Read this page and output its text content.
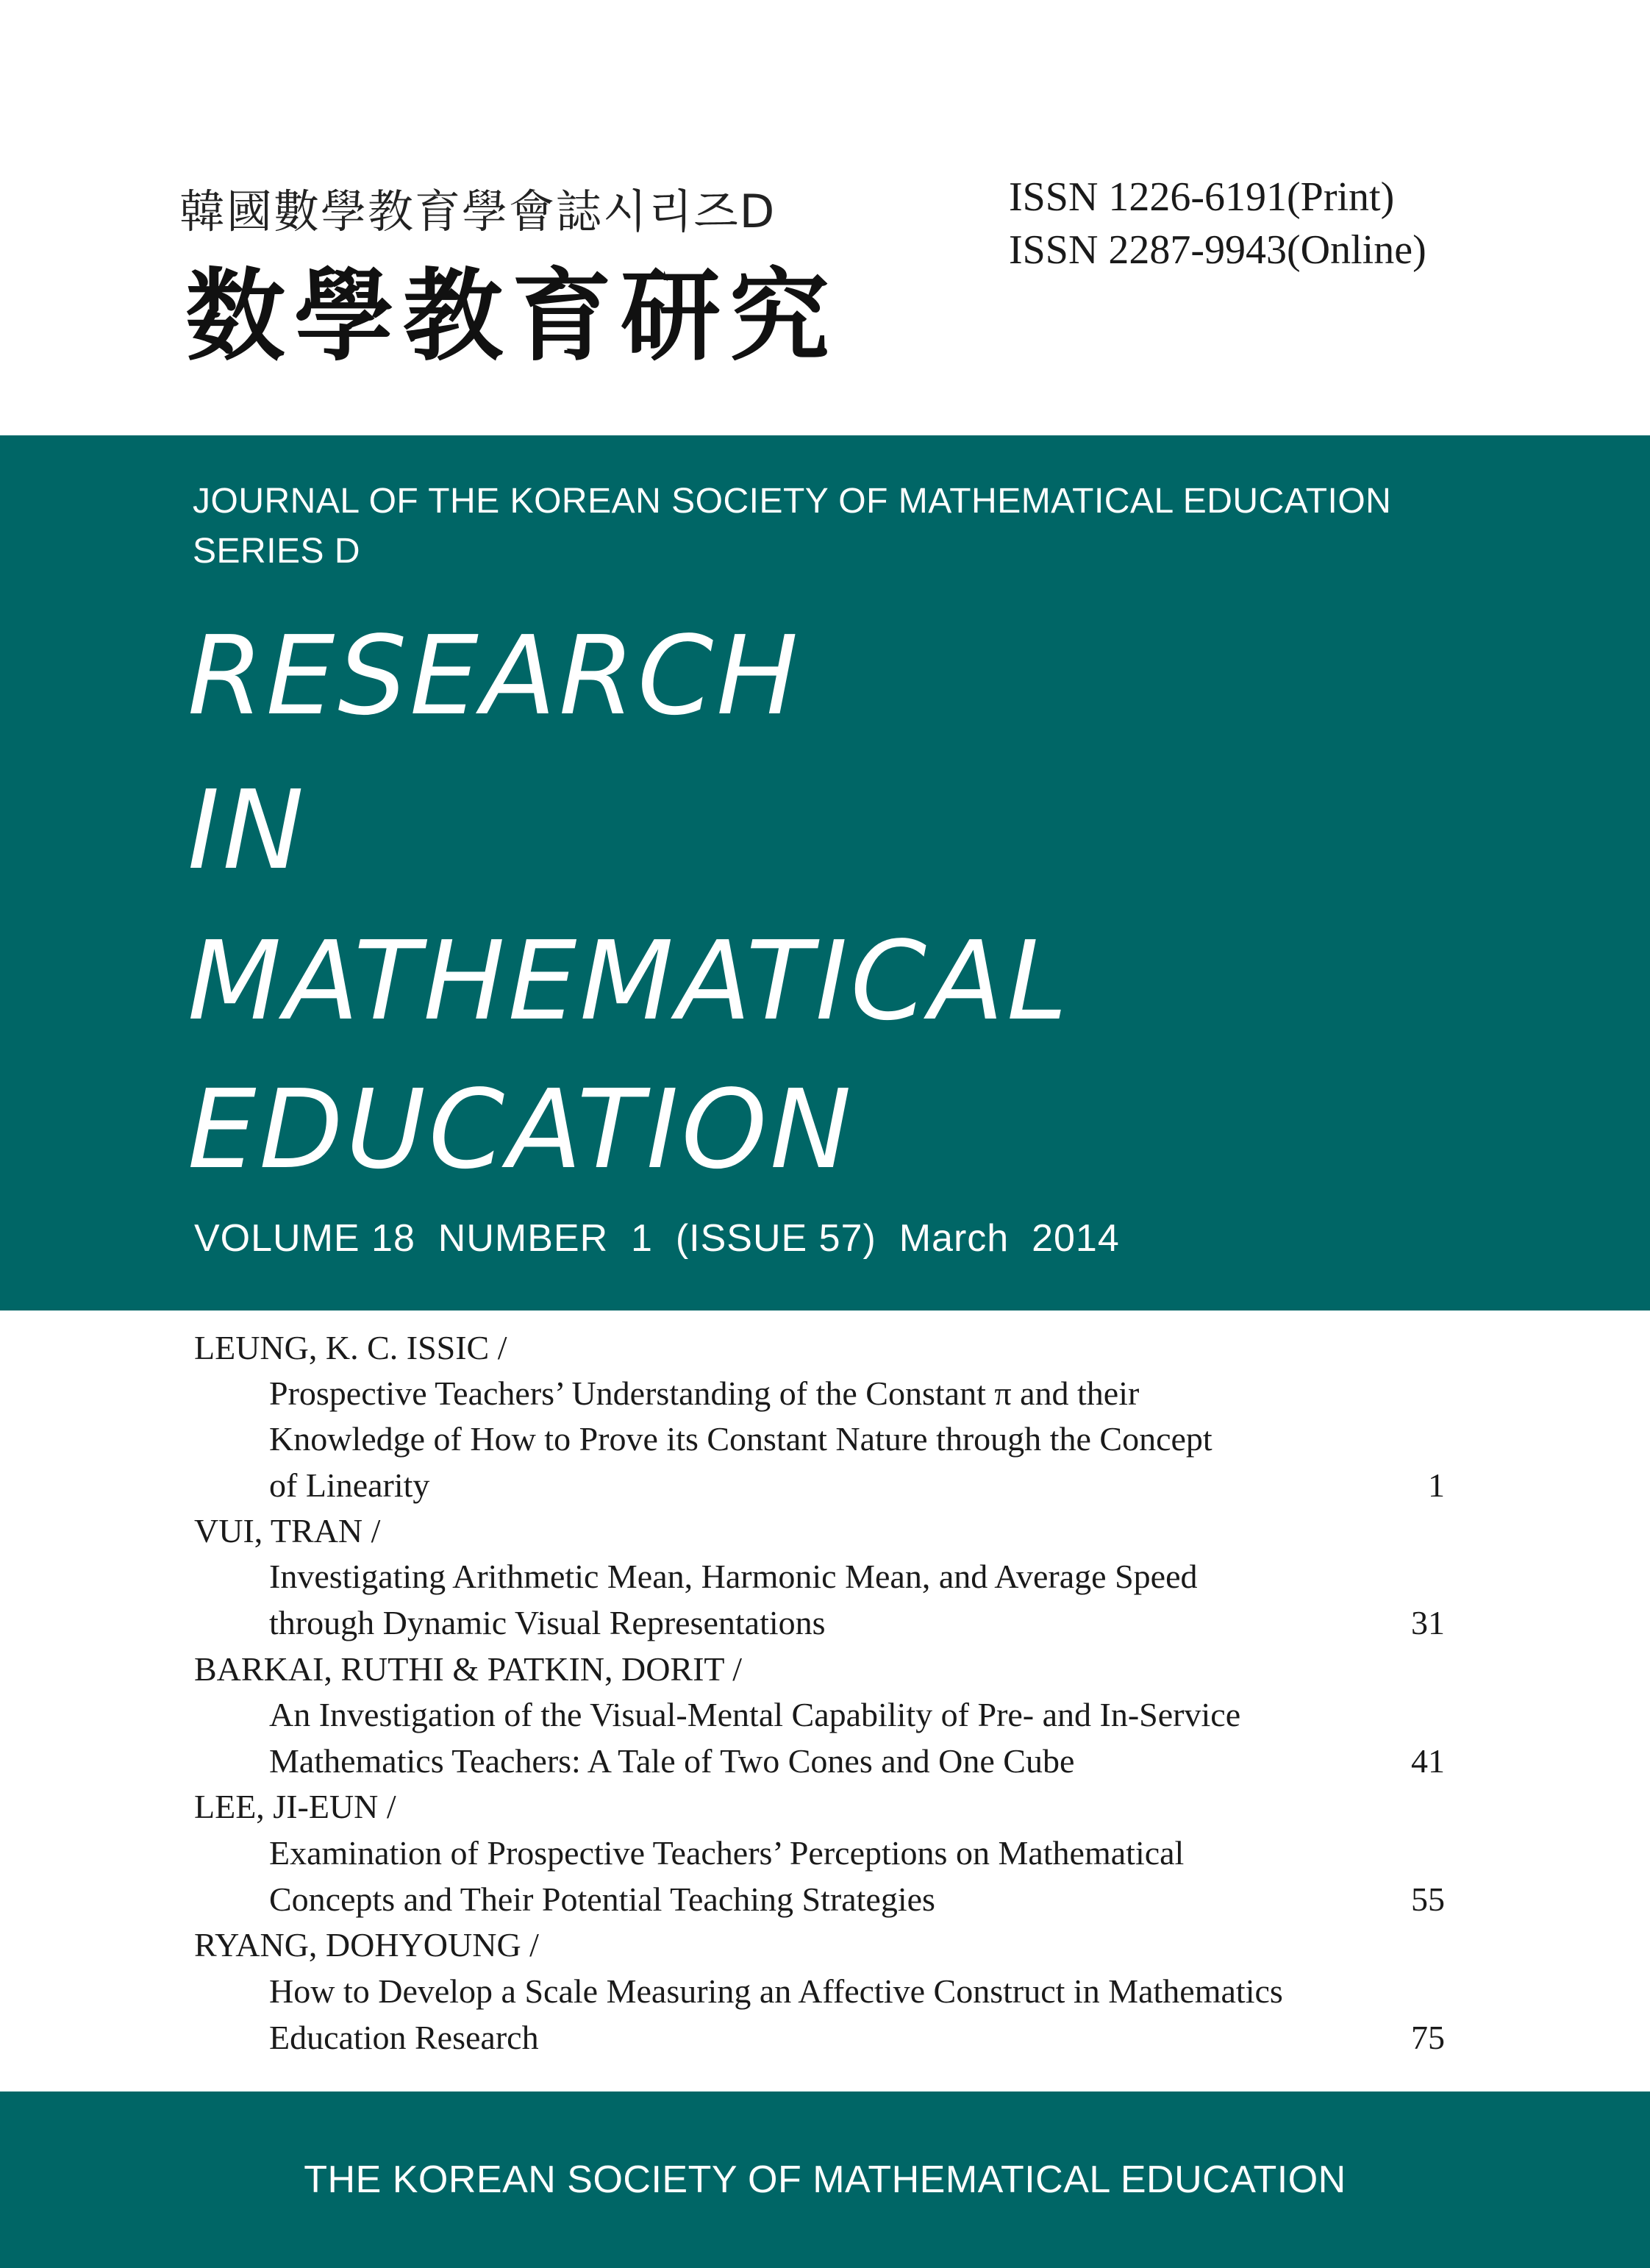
韓國數學教育學會誌시리즈D
数學教育研究
ISSN 1226-6191(Print)
ISSN 2287-9943(Online)
JOURNAL OF THE KOREAN SOCIETY OF MATHEMATICAL EDUCATION
SERIES D
RESEARCH
IN
MATHEMATICAL
EDUCATION
VOLUME 18  NUMBER  1  (ISSUE 57)  March  2014
LEUNG, K. C. ISSIC /
Prospective Teachers’ Understanding of the Constant π and their
Knowledge of How to Prove its Constant Nature through the Concept
of Linearity	1
VUI, TRAN /
Investigating Arithmetic Mean, Harmonic Mean, and Average Speed
through Dynamic Visual Representations	31
BARKAI, RUTHI & PATKIN, DORIT /
An Investigation of the Visual-Mental Capability of Pre- and In-Service
Mathematics Teachers: A Tale of Two Cones and One Cube	41
LEE, JI-EUN /
Examination of Prospective Teachers’ Perceptions on Mathematical
Concepts and Their Potential Teaching Strategies	55
RYANG, DOHYOUNG /
How to Develop a Scale Measuring an Affective Construct in Mathematics
Education Research	75
THE KOREAN SOCIETY OF MATHEMATICAL EDUCATION
